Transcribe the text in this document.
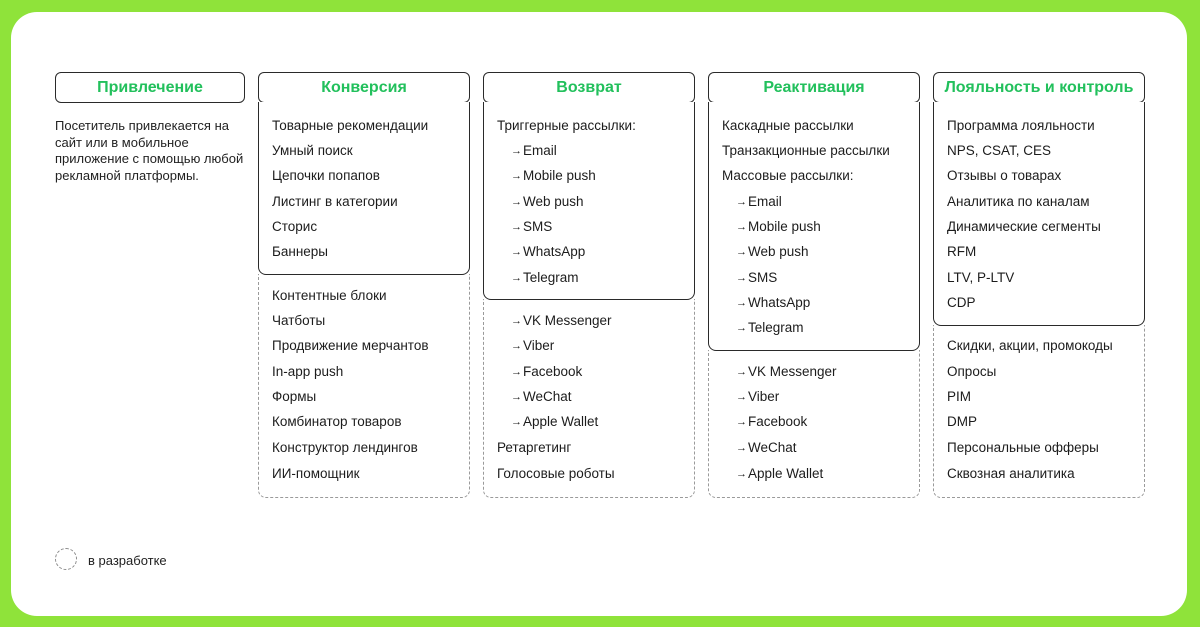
Привлечение
Посетитель привлекается на сайт или в мобильное приложение с помощью любой рекламной платформы.
Конверсия
Товарные рекомендации
Умный поиск
Цепочки попапов
Листинг в категории
Сторис
Баннеры
Контентные блоки
Чатботы
Продвижение мерчантов
In-app push
Формы
Комбинатор товаров
Конструктор лендингов
ИИ-помощник
Возврат
Триггерные рассылки:
→ Email
→ Mobile push
→ Web push
→ SMS
→ WhatsApp
→ Telegram
→ VK Messenger
→ Viber
→ Facebook
→ WeChat
→ Apple Wallet
Ретаргетинг
Голосовые роботы
Реактивация
Каскадные рассылки
Транзакционные рассылки
Массовые рассылки:
→ Email
→ Mobile push
→ Web push
→ SMS
→ WhatsApp
→ Telegram
→ VK Messenger
→ Viber
→ Facebook
→ WeChat
→ Apple Wallet
Лояльность и контроль
Программа лояльности
NPS, CSAT, CES
Отзывы о товарах
Аналитика по каналам
Динамические сегменты
RFM
LTV, P-LTV
CDP
Скидки, акции, промокоды
Опросы
PIM
DMP
Персональные офферы
Сквозная аналитика
в разработке
